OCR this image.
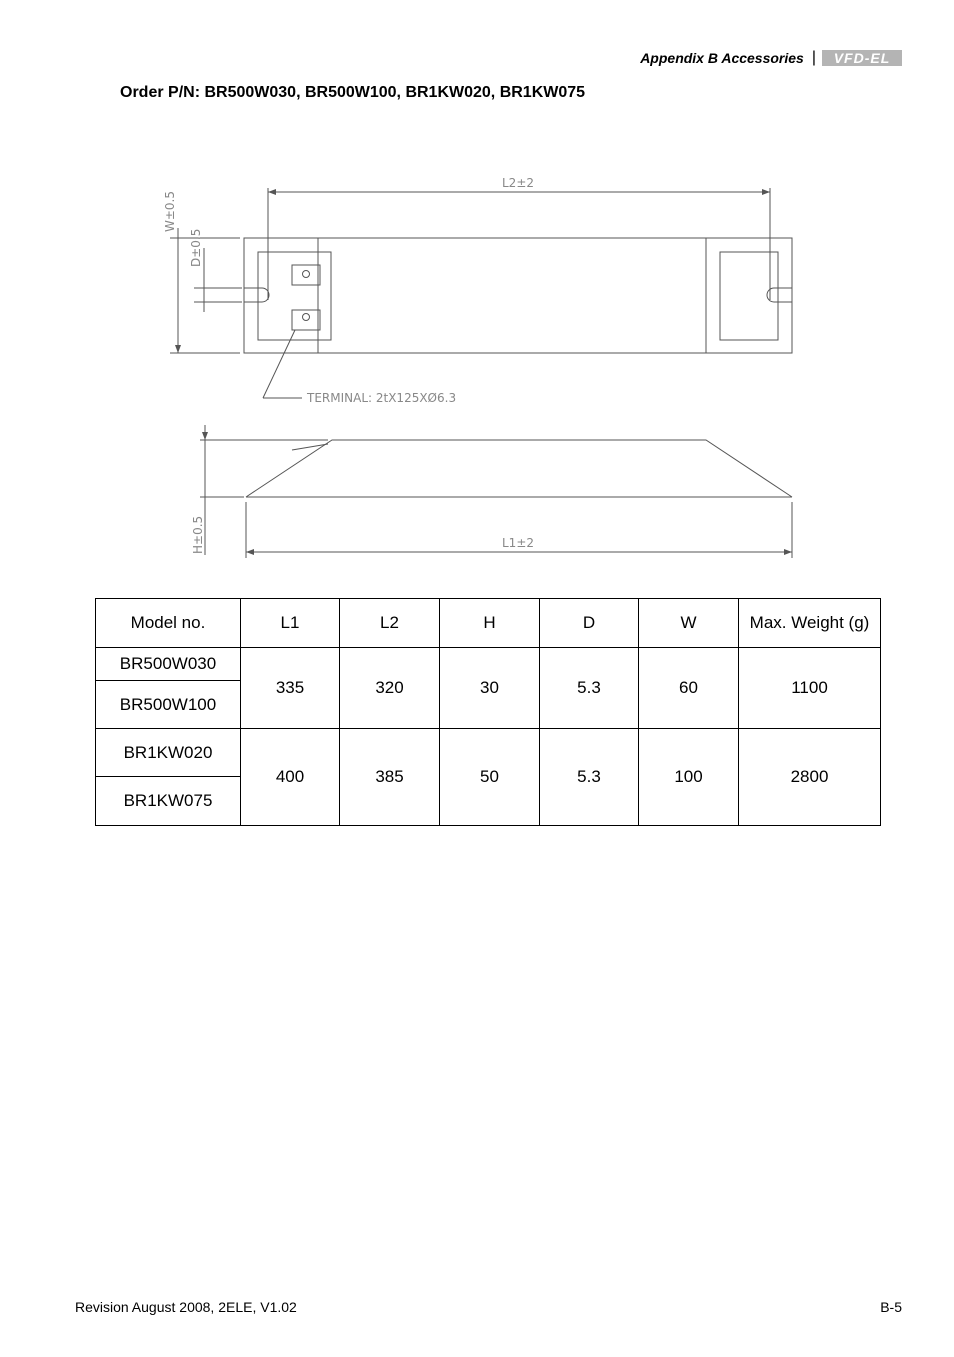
Appendix B Accessories |	VFD-EL
Order P/N: BR500W030, BR500W100, BR1KW020, BR1KW075
L2±2
L1±2
TERMINAL: 2tX125XØ6.3
W±0.5
D±0.5
H±0.5
Model no.	L1	L2	H	D	W	Max. Weight (g)
BR500W030	335	320	30	5.3	60	1100
BR500W100						
BR1KW020	400	385	50	5.3	100	2800
BR1KW075						
Revision August 2008, 2ELE, V1.02	B-5
